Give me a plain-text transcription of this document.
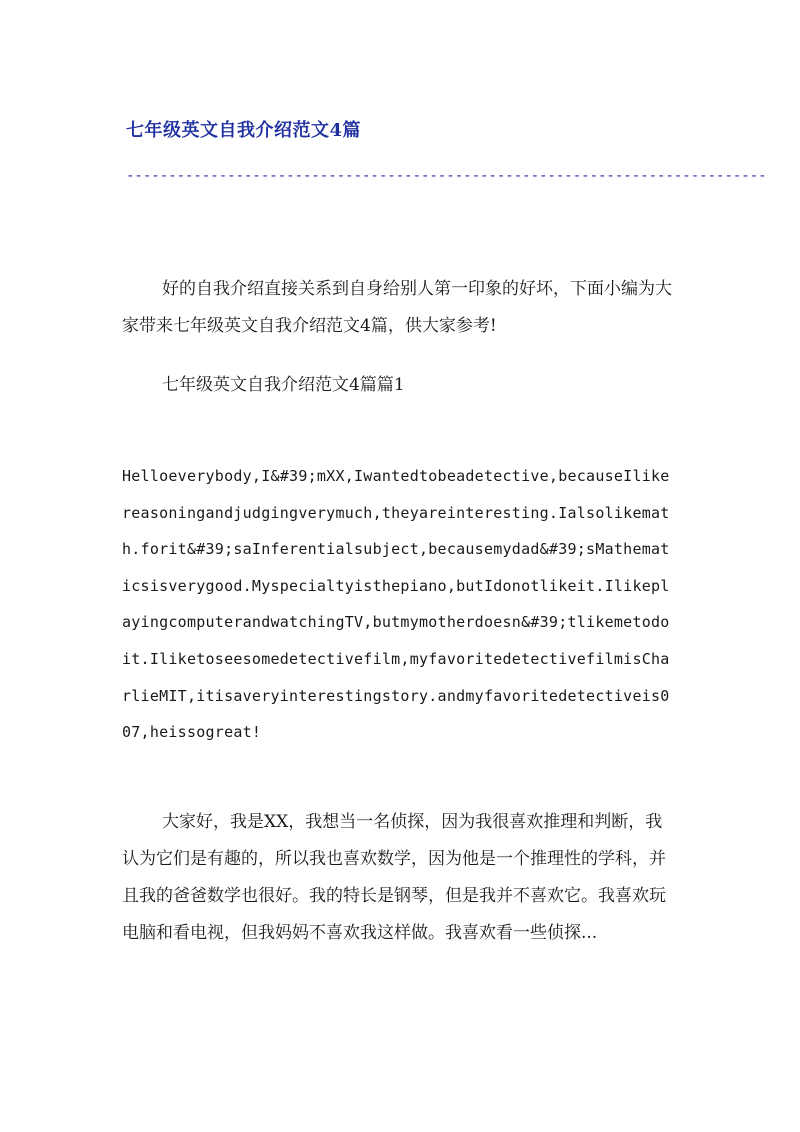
七年级英文自我介绍范文4篇
----------------------------------------------------------------------------

好的自我介绍直接关系到自身给别人第一印象的好坏，下面小编为大家带来七年级英文自我介绍范文4篇，供大家参考!

七年级英文自我介绍范文4篇篇1

Helloeverybody,I&#39;mXX,Iwantedtobeadetective,becauseIlikereasoningandjudgingverymuch,theyareinteresting.Ialsolikemath.forit&#39;saInferentialsubject,becausemydad&#39;sMathematicsisverygood.Myspecialtyisthepiano,butIdonotlikeit.IlikeplayingcomputerandwatchingTV,butmymotherdoesn&#39;tlikemetodoit.Iliketoseesomedetectivefilm,myfavoritedetectivefilmisCharlieMIT,itisaveryinterestingstory.andmyfavoritedetectiveis007,heissogreat!

大家好，我是XX，我想当一名侦探，因为我很喜欢推理和判断，我认为它们是有趣的，所以我也喜欢数学，因为他是一个推理性的学科，并且我的爸爸数学也很好。我的特长是钢琴，但是我并不喜欢它。我喜欢玩电脑和看电视，但我妈妈不喜欢我这样做。我喜欢看一些侦探...
